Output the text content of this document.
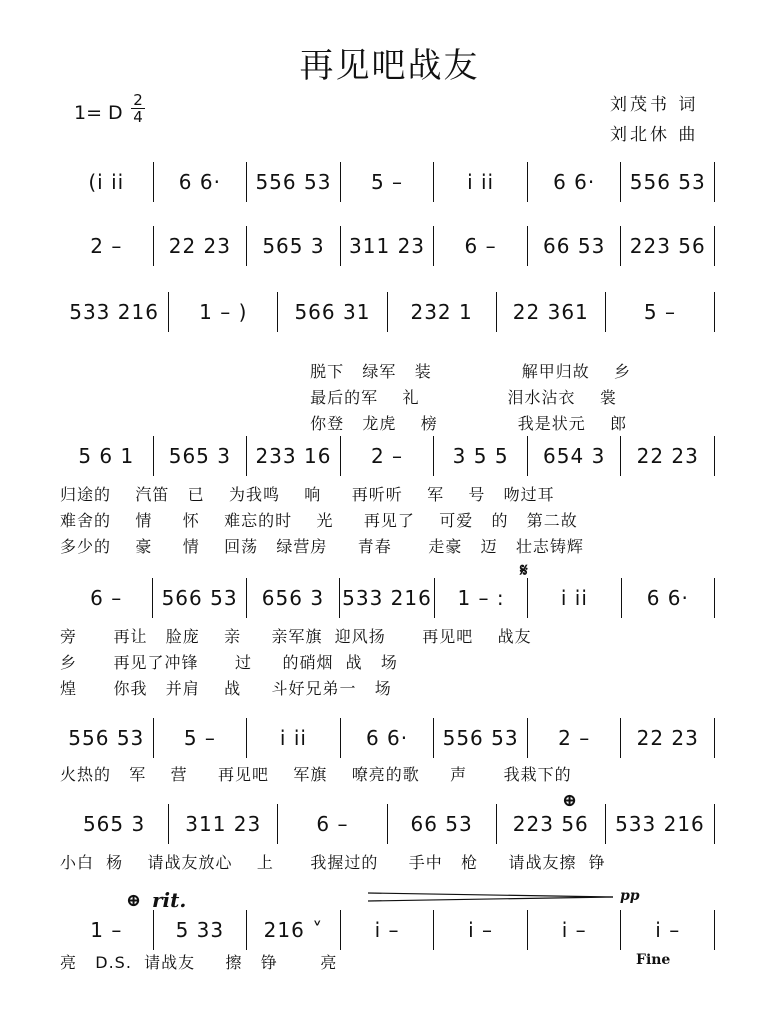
再见吧战友
1= D $\frac{2}{4}$	刘茂书 词
刘北休 曲
(i ii	6 6·	556 53	5 –	i ii	6 6·	556 53
2 –	22 23	565 3	311 23	6 –	66 53	223 56
533 216	1 – )	566 31	232 1	22 361	5 –

脱下   绿军   装	解甲归故    乡

最后的军    礼	泪水沾衣    裳

你登   龙虎    榜	我是状元    郎

5 6 1	565 3	233 16	2 –	3 5 5	654 3	22 23
归途的    汽笛   已    为我鸣    响     再听听    军    号   吻过耳
难舍的    情     怀    难忘的时    光     再见了    可爱   的   第二故
多少的    豪     情    回荡   绿营房     青春      走豪   迈   壮志铸辉
6 –	566 53	656 3 533 216	1 – :	i ii	6 6·
𝄋
旁      再让   脸庞    亲     亲军旗  迎风扬      再见吧    战友
乡      再见了冲锋      过     的硝烟  战   场
煌      你我   并肩    战     斗好兄弟一   场
556 53	5 –	i ii	6 6·	556 53	2 –	22 23
火热的   军    营     再见吧    军旗    嘹亮的歌     声      我栽下的
⊕
565 3	311 23	6 –	66 53	223 56	533 216
小白  杨    请战友放心    上      我握过的     手中   枪     请战友擦  铮
⊕ rit.	pp
1 –	5 33	216 ˅	i –	i –	i –	i –
亮   D.S.  请战友     擦   铮       亮	Fine
